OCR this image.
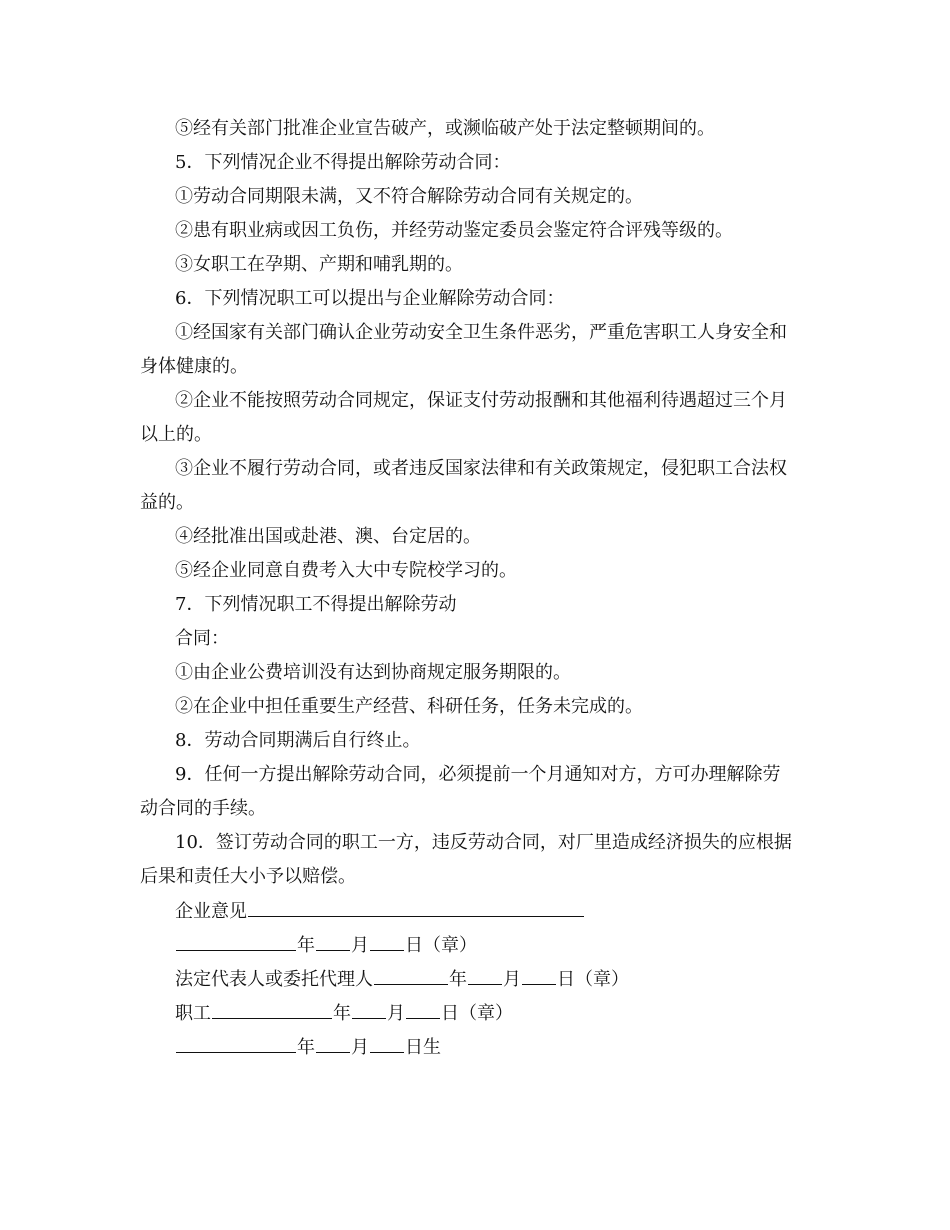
⑤经有关部门批准企业宣告破产，或濒临破产处于法定整顿期间的。
5．下列情况企业不得提出解除劳动合同：
①劳动合同期限未满，又不符合解除劳动合同有关规定的。
②患有职业病或因工负伤，并经劳动鉴定委员会鉴定符合评残等级的。
③女职工在孕期、产期和哺乳期的。
6．下列情况职工可以提出与企业解除劳动合同：
①经国家有关部门确认企业劳动安全卫生条件恶劣，严重危害职工人身安全和
身体健康的。
②企业不能按照劳动合同规定，保证支付劳动报酬和其他福利待遇超过三个月
以上的。
③企业不履行劳动合同，或者违反国家法律和有关政策规定，侵犯职工合法权
益的。
④经批准出国或赴港、澳、台定居的。
⑤经企业同意自费考入大中专院校学习的。
7．下列情况职工不得提出解除劳动
合同：
①由企业公费培训没有达到协商规定服务期限的。
②在企业中担任重要生产经营、科研任务，任务未完成的。
8．劳动合同期满后自行终止。
9．任何一方提出解除劳动合同，必须提前一个月通知对方，方可办理解除劳
动合同的手续。
10．签订劳动合同的职工一方，违反劳动合同，对厂里造成经济损失的应根据
后果和责任大小予以赔偿。
企业意见
年 月 日（章）
法定代表人或委托代理人	年 月 日（章）
职工	年 月 日（章）
年 月 日生
